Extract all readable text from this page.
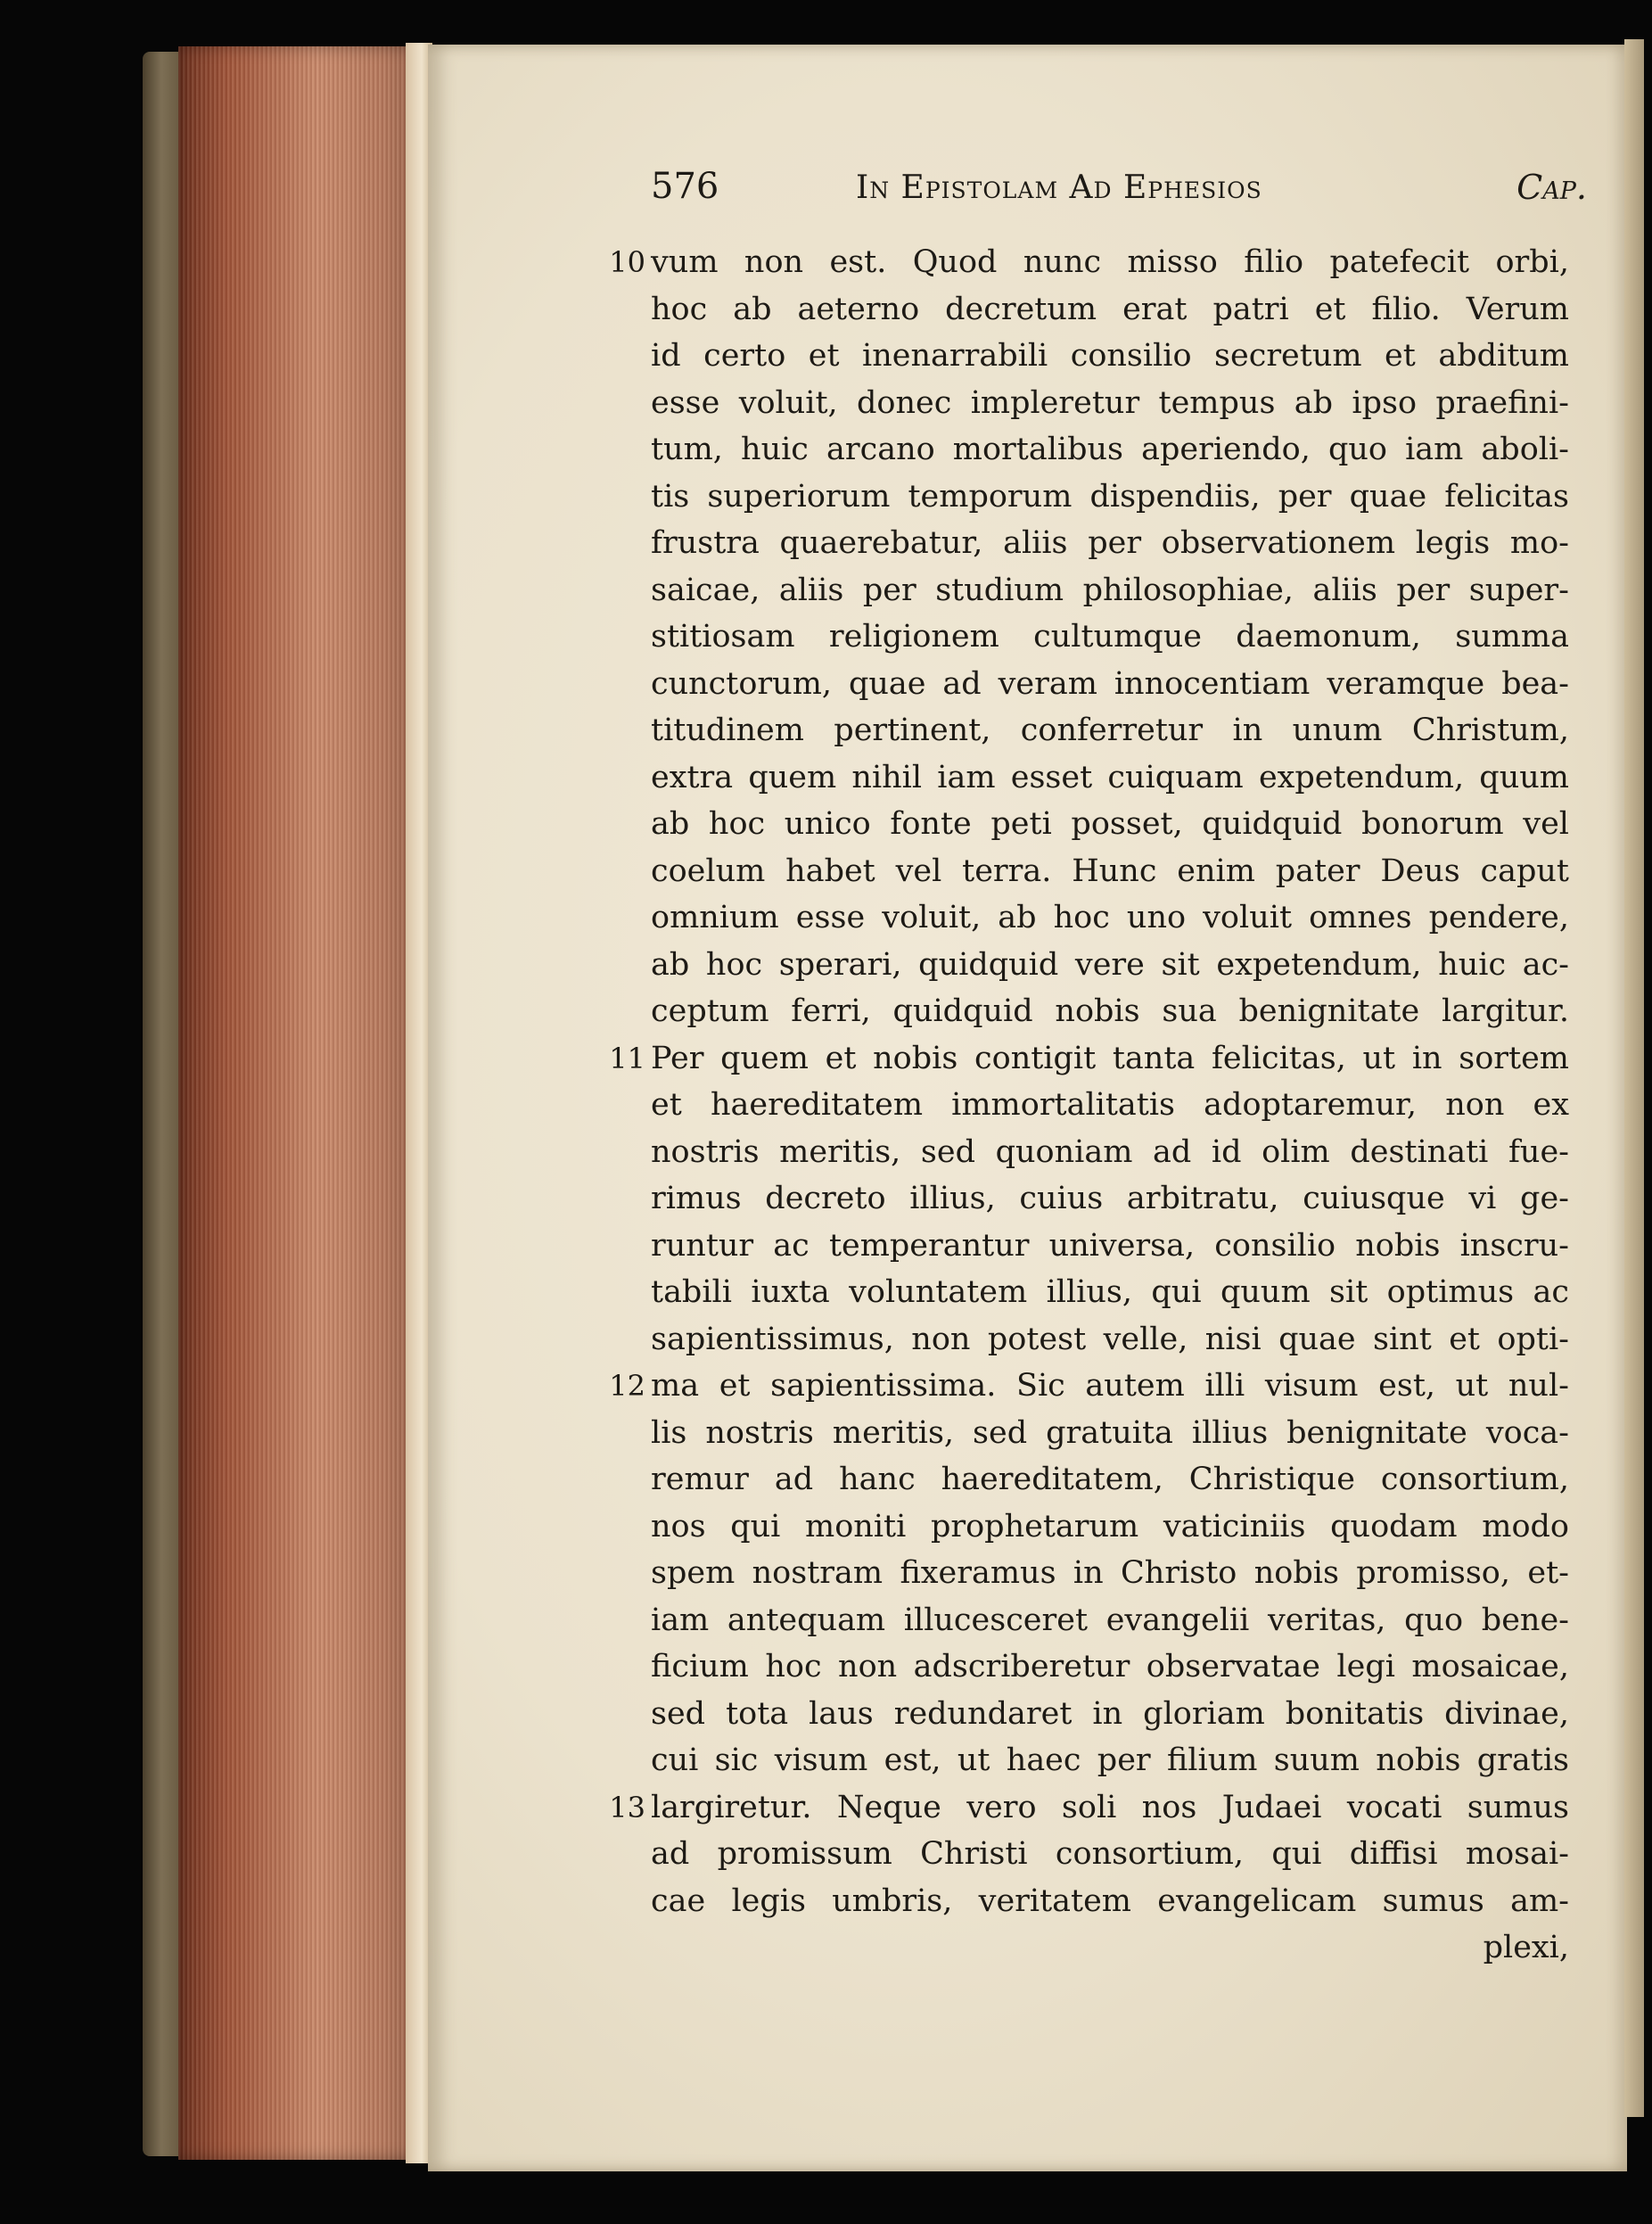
576	In Epistolam Ad Ephesios	Cap.
10 vum non est. Quod nunc misso filio patefecit orbi,
hoc ab aeterno decretum erat patri et filio. Verum
id certo et inenarrabili consilio secretum et abditum
esse voluit, donec impleretur tempus ab ipso praefini-
tum, huic arcano mortalibus aperiendo, quo iam aboli-
tis superiorum temporum dispendiis, per quae felicitas
frustra quaerebatur, aliis per observationem legis mo-
saicae, aliis per studium philosophiae, aliis per super-
stitiosam religionem cultumque daemonum, summa
cunctorum, quae ad veram innocentiam veramque bea-
titudinem pertinent, conferretur in unum Christum,
extra quem nihil iam esset cuiquam expetendum, quum
ab hoc unico fonte peti posset, quidquid bonorum vel
coelum habet vel terra. Hunc enim pater Deus caput
omnium esse voluit, ab hoc uno voluit omnes pendere,
ab hoc sperari, quidquid vere sit expetendum, huic ac-
ceptum ferri, quidquid nobis sua benignitate largitur.
11 Per quem et nobis contigit tanta felicitas, ut in sortem
et haereditatem immortalitatis adoptaremur, non ex
nostris meritis, sed quoniam ad id olim destinati fue-
rimus decreto illius, cuius arbitratu, cuiusque vi ge-
runtur ac temperantur universa, consilio nobis inscru-
tabili iuxta voluntatem illius, qui quum sit optimus ac
sapientissimus, non potest velle, nisi quae sint et opti-
12 ma et sapientissima. Sic autem illi visum est, ut nul-
lis nostris meritis, sed gratuita illius benignitate voca-
remur ad hanc haereditatem, Christique consortium,
nos qui moniti prophetarum vaticiniis quodam modo
spem nostram fixeramus in Christo nobis promisso, et-
iam antequam illucesceret evangelii veritas, quo bene-
ficium hoc non adscriberetur observatae legi mosaicae,
sed tota laus redundaret in gloriam bonitatis divinae,
cui sic visum est, ut haec per filium suum nobis gratis
13 largiretur. Neque vero soli nos Judaei vocati sumus
ad promissum Christi consortium, qui diffisi mosai-
cae legis umbris, veritatem evangelicam sumus am-
plexi,
